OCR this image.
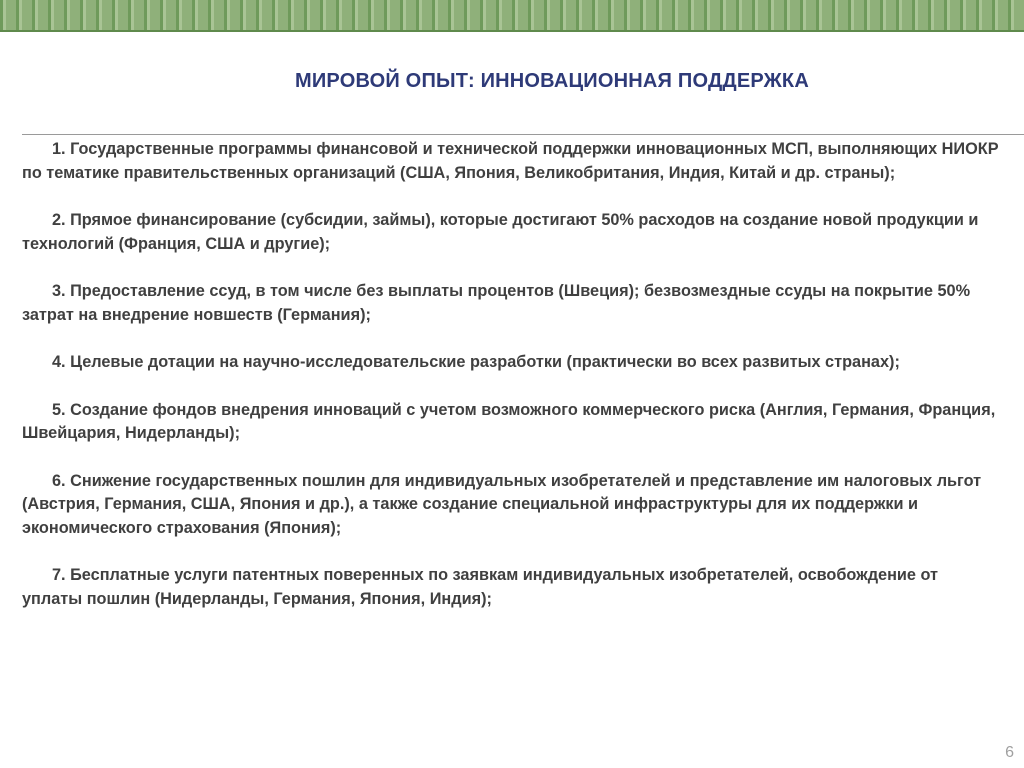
МИРОВОЙ ОПЫТ: ИННОВАЦИОННАЯ ПОДДЕРЖКА

1. Государственные программы финансовой и технической поддержки инновационных МСП, выполняющих НИОКР по тематике правительственных организаций (США, Япония, Великобритания, Индия, Китай и др. страны);

2. Прямое финансирование (субсидии, займы), которые достигают 50% расходов на создание новой продукции и технологий (Франция, США и другие);

3. Предоставление ссуд, в том числе без выплаты процентов (Швеция); безвозмездные ссуды на покрытие 50% затрат на внедрение новшеств (Германия);

4. Целевые дотации на научно-исследовательские разработки (практически во всех развитых странах);

5. Создание фондов внедрения инноваций с учетом возможного коммерческого риска (Англия, Германия, Франция, Швейцария, Нидерланды);

6. Снижение государственных пошлин для индивидуальных изобретателей и представление им налоговых льгот (Австрия, Германия, США, Япония и др.), а также создание специальной инфраструктуры для их поддержки и экономического страхования (Япония);

7. Бесплатные услуги патентных поверенных по заявкам индивидуальных изобретателей, освобождение от уплаты пошлин (Нидерланды, Германия, Япония, Индия);

6
